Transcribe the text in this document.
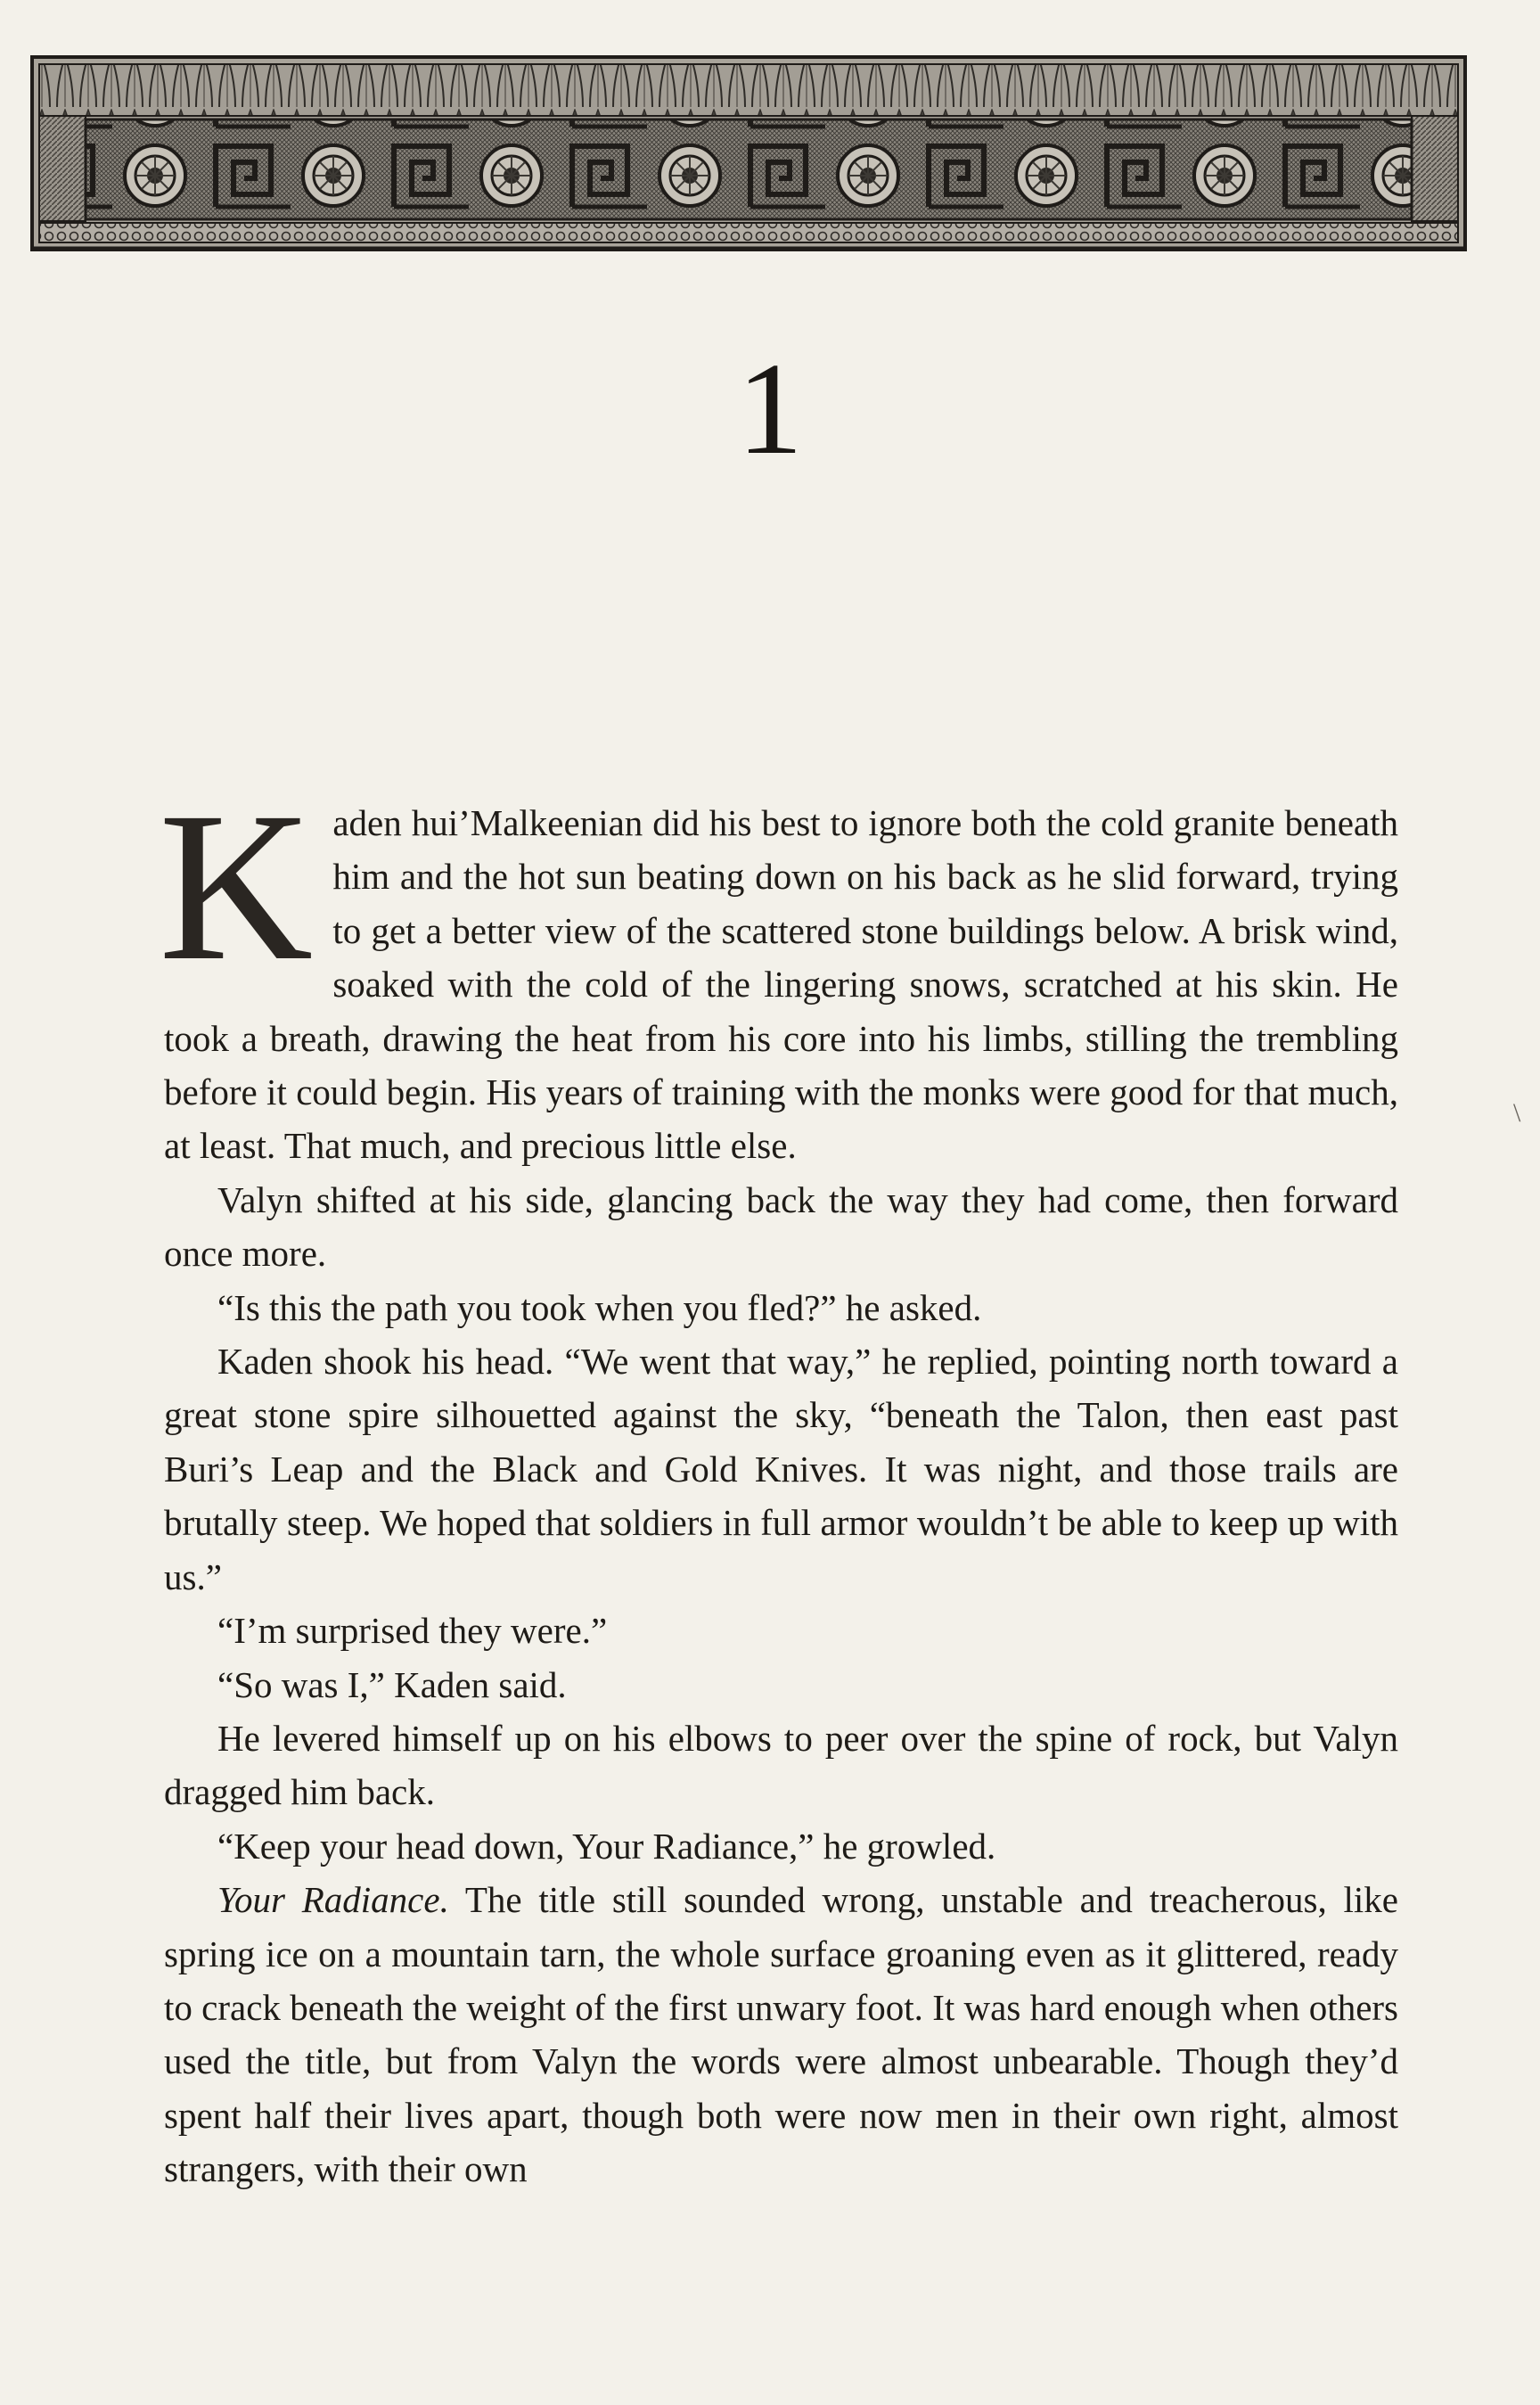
1

Kaden hui’Malkeenian did his best to ignore both the cold granite beneath him and the hot sun beating down on his back as he slid forward, trying to get a better view of the scattered stone buildings below. A brisk wind, soaked with the cold of the lingering snows, scratched at his skin. He took a breath, drawing the heat from his core into his limbs, stilling the trembling before it could begin. His years of training with the monks were good for that much, at least. That much, and precious little else.

Valyn shifted at his side, glancing back the way they had come, then forward once more.

“Is this the path you took when you fled?” he asked.

Kaden shook his head. “We went that way,” he replied, pointing north toward a great stone spire silhouetted against the sky, “beneath the Talon, then east past Buri’s Leap and the Black and Gold Knives. It was night, and those trails are brutally steep. We hoped that soldiers in full armor wouldn’t be able to keep up with us.”

“I’m surprised they were.”

“So was I,” Kaden said.

He levered himself up on his elbows to peer over the spine of rock, but Valyn dragged him back.

“Keep your head down, Your Radiance,” he growled.

Your Radiance. The title still sounded wrong, unstable and treacherous, like spring ice on a mountain tarn, the whole surface groaning even as it glittered, ready to crack beneath the weight of the first unwary foot. It was hard enough when others used the title, but from Valyn the words were almost unbearable. Though they’d spent half their lives apart, though both were now men in their own right, almost strangers, with their own

\
